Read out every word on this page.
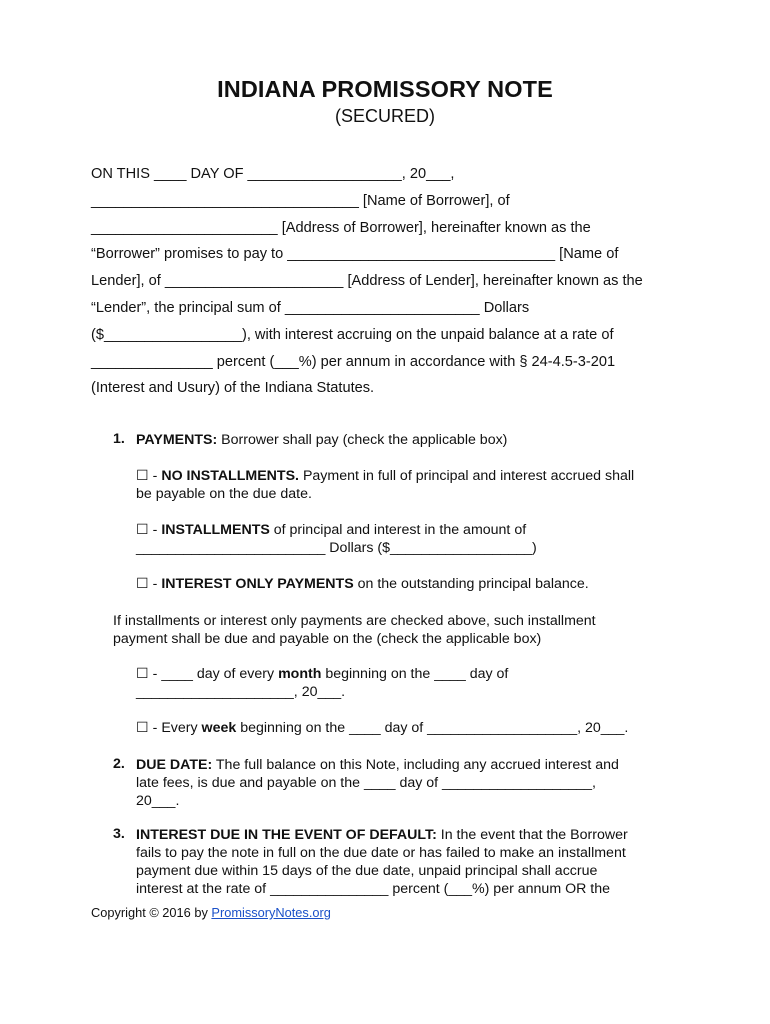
INDIANA PROMISSORY NOTE
(SECURED)

ON THIS ____ DAY OF ___________________, 20___,

_________________________________ [Name of Borrower], of

_______________________ [Address of Borrower], hereinafter known as the

“Borrower” promises to pay to _________________________________ [Name of

Lender], of ______________________ [Address of Lender], hereinafter known as the

“Lender”, the principal sum of ________________________ Dollars

($_________________), with interest accruing on the unpaid balance at a rate of

_______________ percent (___%) per annum in accordance with § 24-4.5-3-201

(Interest and Usury) of the Indiana Statutes.

1. PAYMENTS: Borrower shall pay (check the applicable box)

☐ - NO INSTALLMENTS. Payment in full of principal and interest accrued shall

be payable on the due date.

☐ - INSTALLMENTS of principal and interest in the amount of

________________________ Dollars ($__________________)

☐ - INTEREST ONLY PAYMENTS on the outstanding principal balance.

If installments or interest only payments are checked above, such installment

payment shall be due and payable on the (check the applicable box)

☐ - ____ day of every month beginning on the ____ day of

____________________, 20___.

☐ - Every week beginning on the ____ day of ___________________, 20___.

2. DUE DATE: The full balance on this Note, including any accrued interest and

late fees, is due and payable on the ____ day of ___________________,

20___.

3. INTEREST DUE IN THE EVENT OF DEFAULT: In the event that the Borrower

fails to pay the note in full on the due date or has failed to make an installment

payment due within 15 days of the due date, unpaid principal shall accrue

interest at the rate of _______________ percent (___%) per annum OR the

Copyright © 2016 by PromissoryNotes.org
